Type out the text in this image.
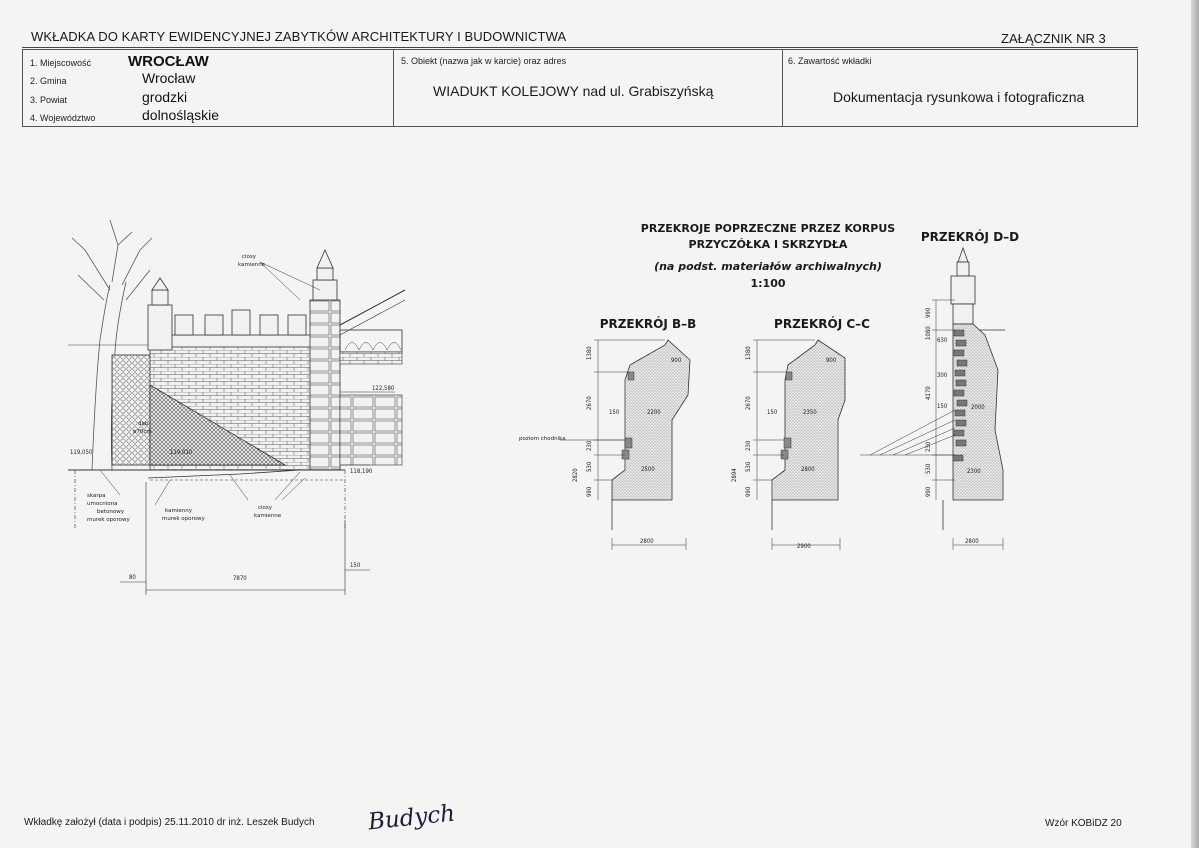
WKŁADKA DO KARTY EWIDENCYJNEJ ZABYTKÓW ARCHITEKTURY I BUDOWNICTWA	ZAŁĄCZNIK NR 3
1. Miejscowość WROCŁAW
2. Gmina	Wrocław
3. Powiat	grodzki
4. Województwo	dolnośląskie
5. Obiekt (nazwa jak w karcie) oraz adres
WIADUKT KOLEJOWY nad ul. Grabiszyńską
6. Zawartość wkładki
Dokumentacja rysunkowa i fotograficzna
ciosy
kamienne
skarpa
umocniona
betonowy
murek oporowy
kamienny
murek oporowy
ciosy
kamienne
dąb
ø70cm
119,050	119,010
118,190
122,580
80	7870
150
PRZEKROJE POPRZECZNE PRZEZ KORPUS
PRZYCZÓŁKA I SKRZYDŁA
(na podst. materiałów archiwalnych)
1:100
PRZEKRÓJ B–B
1380
2670
230
530
2820
990
900
150	2200
2500
2800
poziom chodnika
PRZEKRÓJ C–C
1380
2670
230
530
2894
990
900
150	2350
2800
2900
PRZEKRÓJ D–D
990
1080
630
300
4170
150	2000
230
530
990
2300
2800
Wkładkę założył (data i podpis) 25.11.2010 dr inż. Leszek Budych Budych	Wzór KOBiDZ 20
